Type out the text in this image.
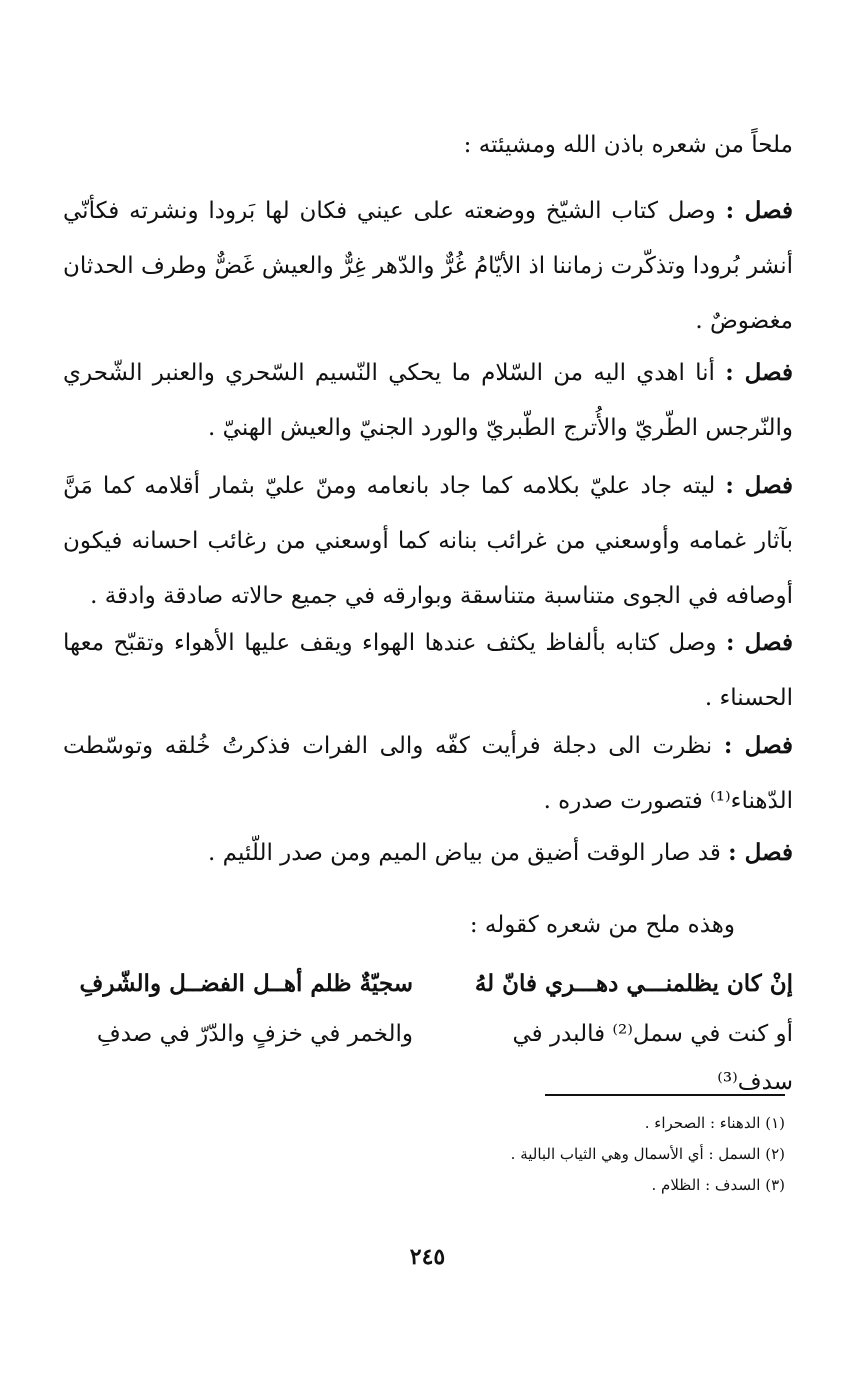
ملحاً من شعره باذن الله ومشيئته :
فصل : وصل كتاب الشيّخ ووضعته على عيني فكان لها بَرودا ونشرته فكأنّي أنشر بُرودا وتذكّرت زماننا اذ الأيّامُ غُرٌّ والدّهر غِرٌّ والعيش غَضٌّ وطرف الحدثان مغضوضٌ .
فصل : أنا اهدي اليه من السّلام ما يحكي النّسيم السّحري والعنبر الشّحري والنّرجس الطّريّ والأُترج الطّبريّ والورد الجنيّ والعيش الهنيّ .
فصل : ليته جاد عليّ بكلامه كما جاد بانعامه ومنّ عليّ بثمار أقلامه كما مَنَّ بآثار غمامه وأوسعني من غرائب بنانه كما أوسعني من رغائب احسانه فيكون أوصافه في الجوى متناسبة متناسقة وبوارقه في جميع حالاته صادقة وادقة .
فصل : وصل كتابه بألفاظ يكثف عندها الهواء ويقف عليها الأهواء وتقبّح معها الحسناء .
فصل : نظرت الى دجلة فرأيت كفّه والى الفرات فذكرتُ خُلقه وتوسّطت الدّهناء⁽¹⁾ فتصورت صدره .
فصل : قد صار الوقت أضيق من بياض الميم ومن صدر اللّئيم .
وهذه ملح من شعره كقوله :
إنْ كان يظلمنـــي دهـــري فانّ لهُ
سجيّةٌ ظلم أهــل الفضــل والشّرفِ
أو كنت في سمل⁽²⁾ فالبدر في سدف⁽³⁾
والخمر في خزفٍ والدّرّ في صدفِ
(١) الدهناء : الصحراء .
(٢) السمل : أي الأسمال وهي الثياب البالية .
(٣) السدف : الظلام .
٢٤٥
